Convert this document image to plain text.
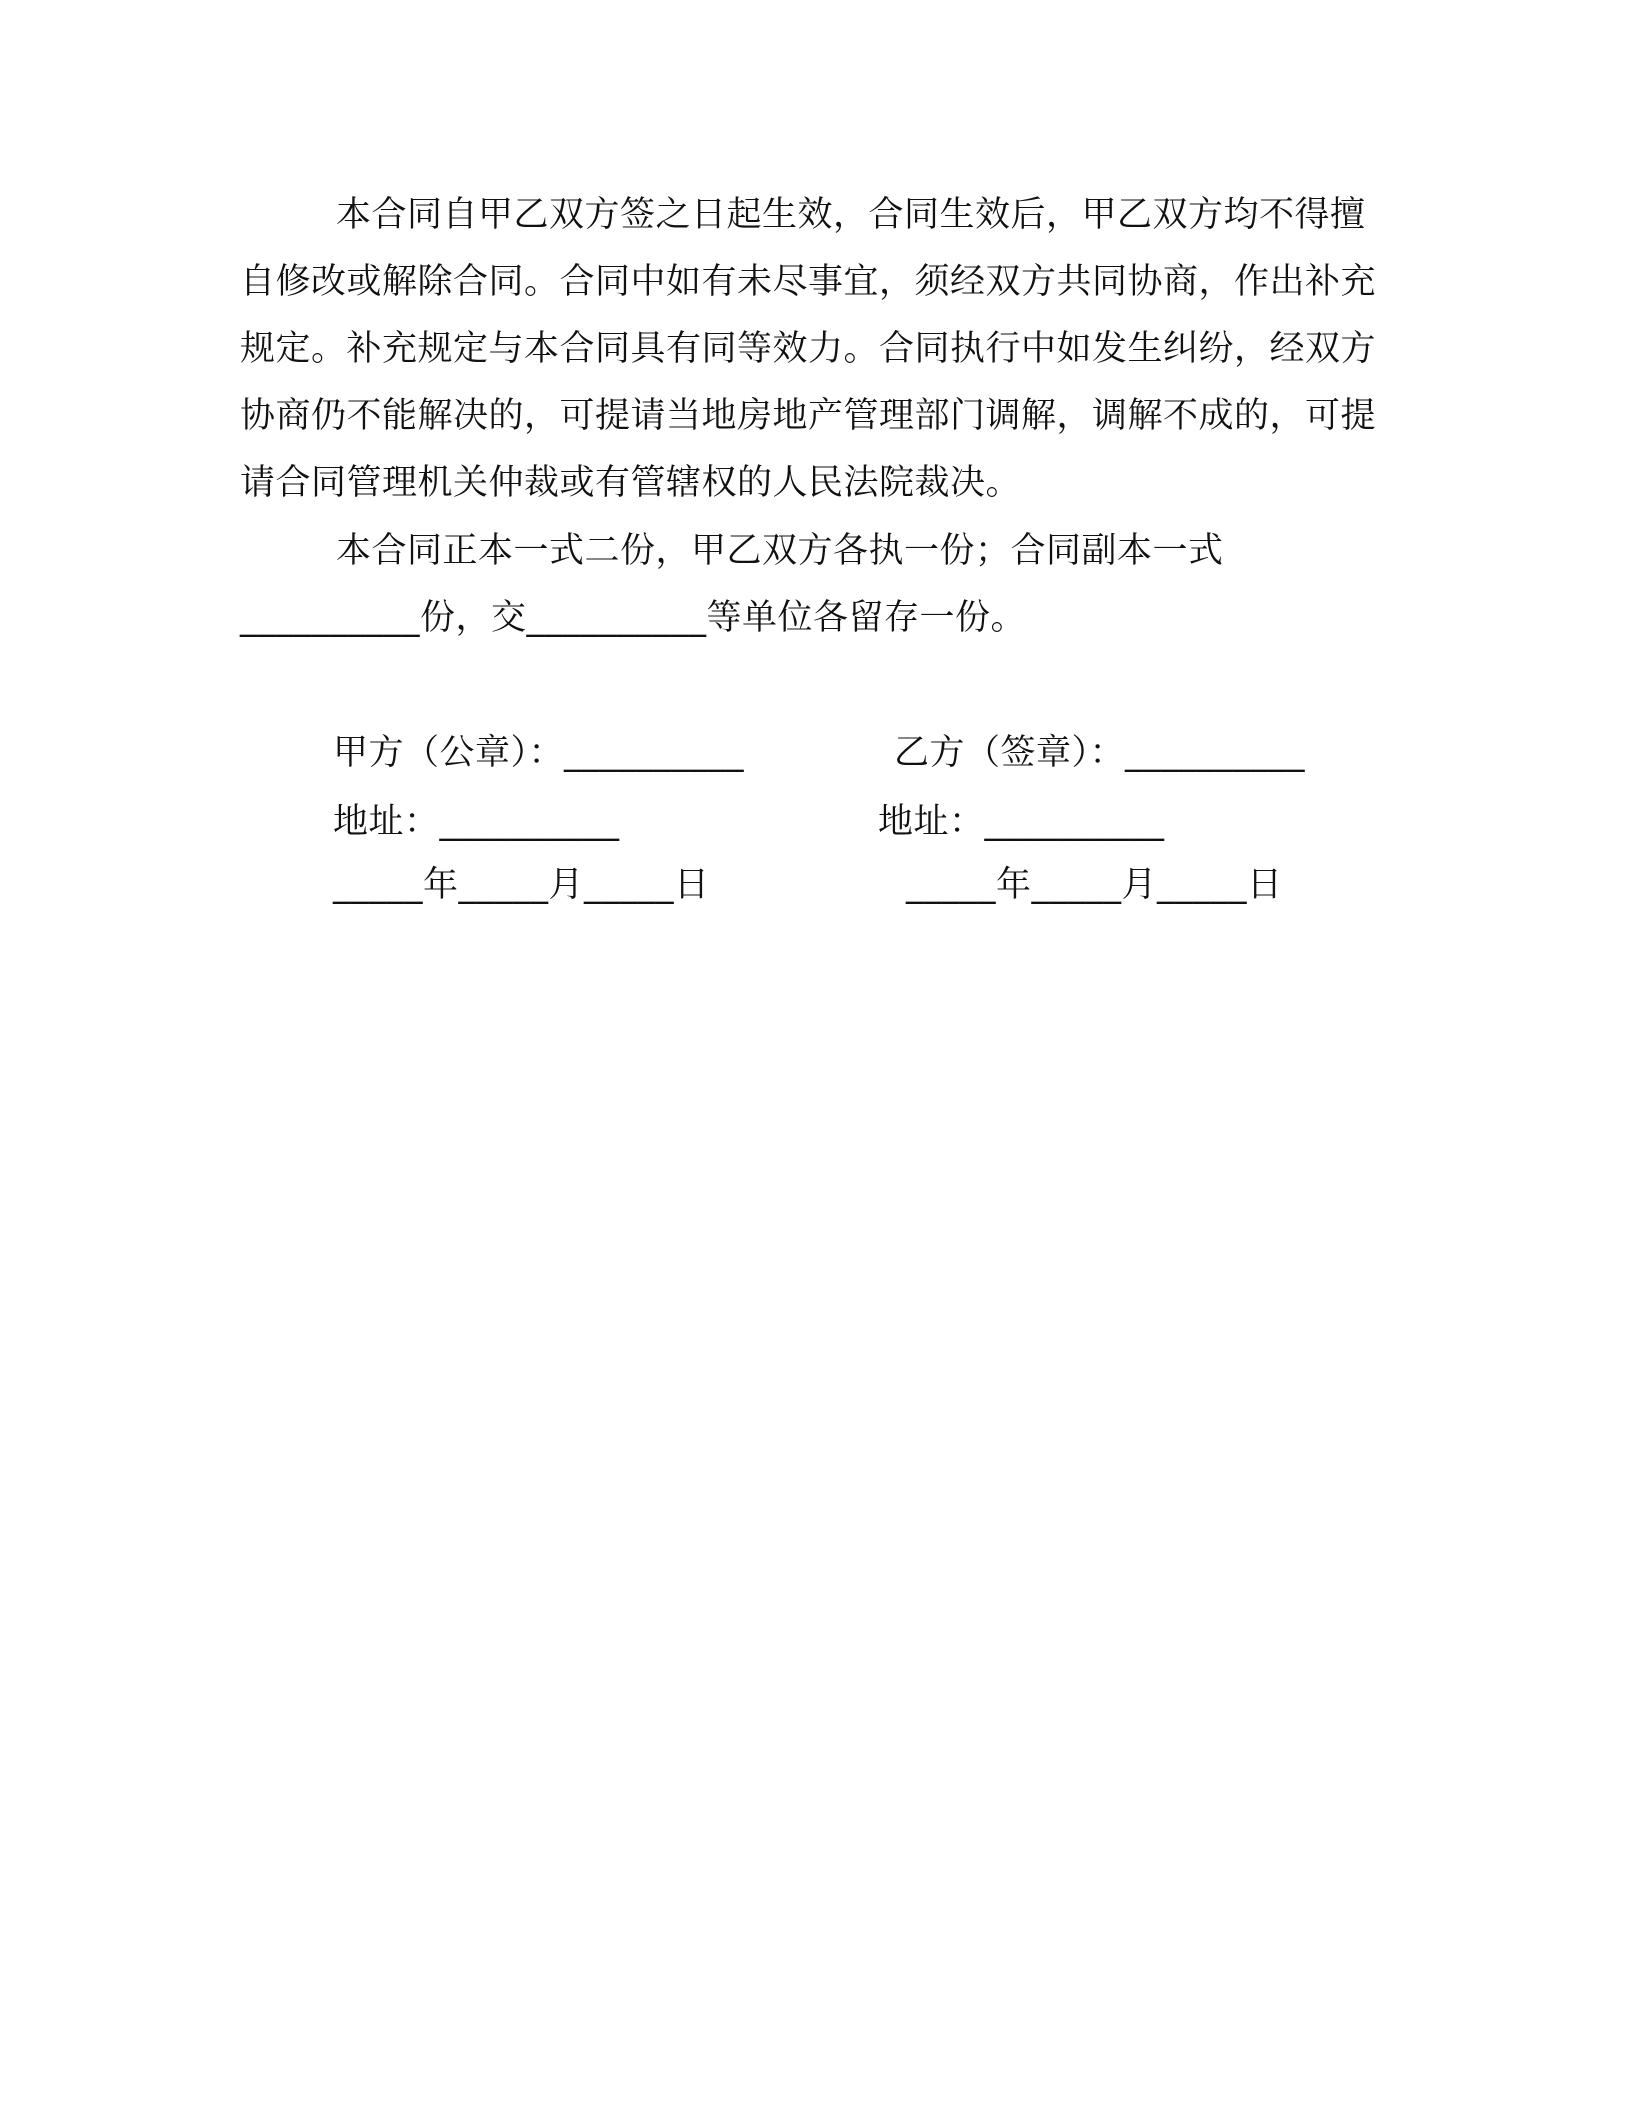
本合同自甲乙双方签之日起生效，合同生效后，甲乙双方均不得擅自修改或解除合同。合同中如有未尽事宜，须经双方共同协商，作出补充规定。补充规定与本合同具有同等效力。合同执行中如发生纠纷，经双方协商仍不能解决的，可提请当地房地产管理部门调解，调解不成的，可提请合同管理机关仲裁或有管辖权的人民法院裁决。

本合同正本一式二份，甲乙双方各执一份；合同副本一式__________份，交__________等单位各留存一份。

甲方（公章）：__________	乙方（签章）：__________
地址：__________	地址：__________
_____年_____月_____日	_____年_____月_____日
